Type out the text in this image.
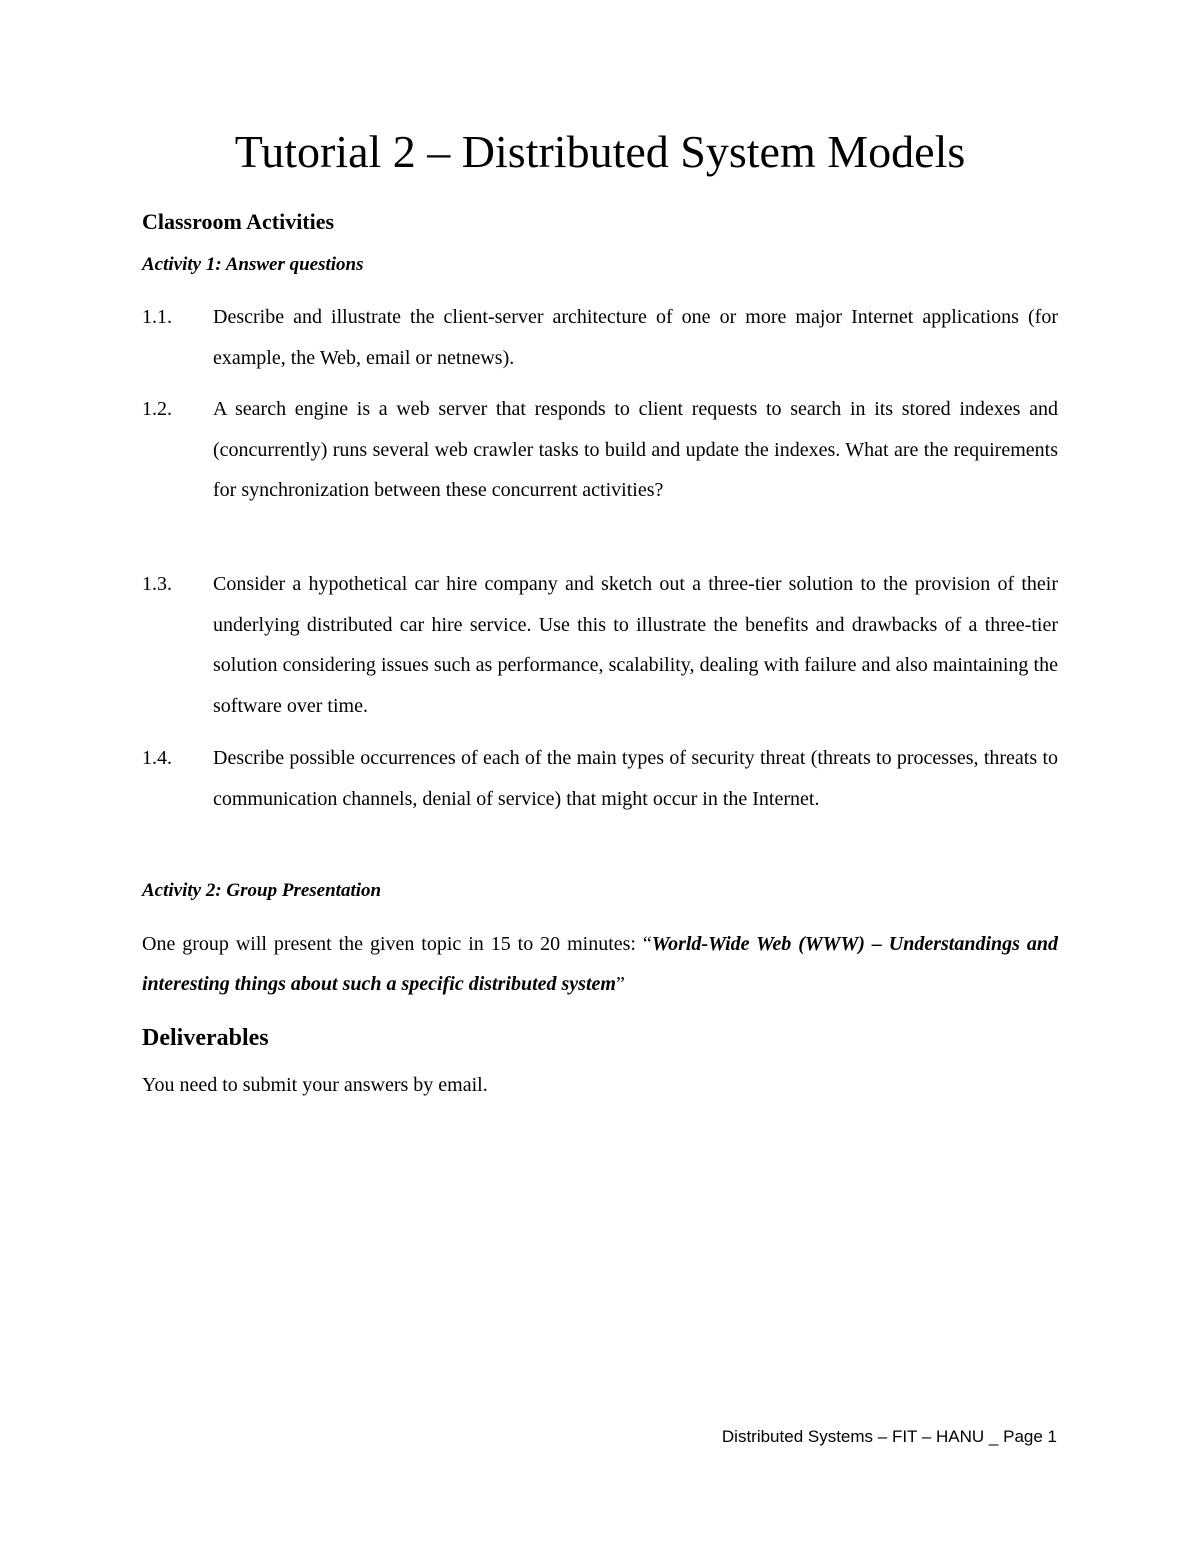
Tutorial 2 – Distributed System Models
Classroom Activities
Activity 1: Answer questions
1.1. Describe and illustrate the client-server architecture of one or more major Internet applications (for example, the Web, email or netnews).
1.2. A search engine is a web server that responds to client requests to search in its stored indexes and (concurrently) runs several web crawler tasks to build and update the indexes. What are the requirements for synchronization between these concurrent activities?
1.3. Consider a hypothetical car hire company and sketch out a three-tier solution to the provision of their underlying distributed car hire service. Use this to illustrate the benefits and drawbacks of a three-tier solution considering issues such as performance, scalability, dealing with failure and also maintaining the software over time.
1.4. Describe possible occurrences of each of the main types of security threat (threats to processes, threats to communication channels, denial of service) that might occur in the Internet.
Activity 2: Group Presentation
One group will present the given topic in 15 to 20 minutes: “World-Wide Web (WWW) – Understandings and interesting things about such a specific distributed system”
Deliverables
You need to submit your answers by email.
Distributed Systems – FIT – HANU _ Page 1
